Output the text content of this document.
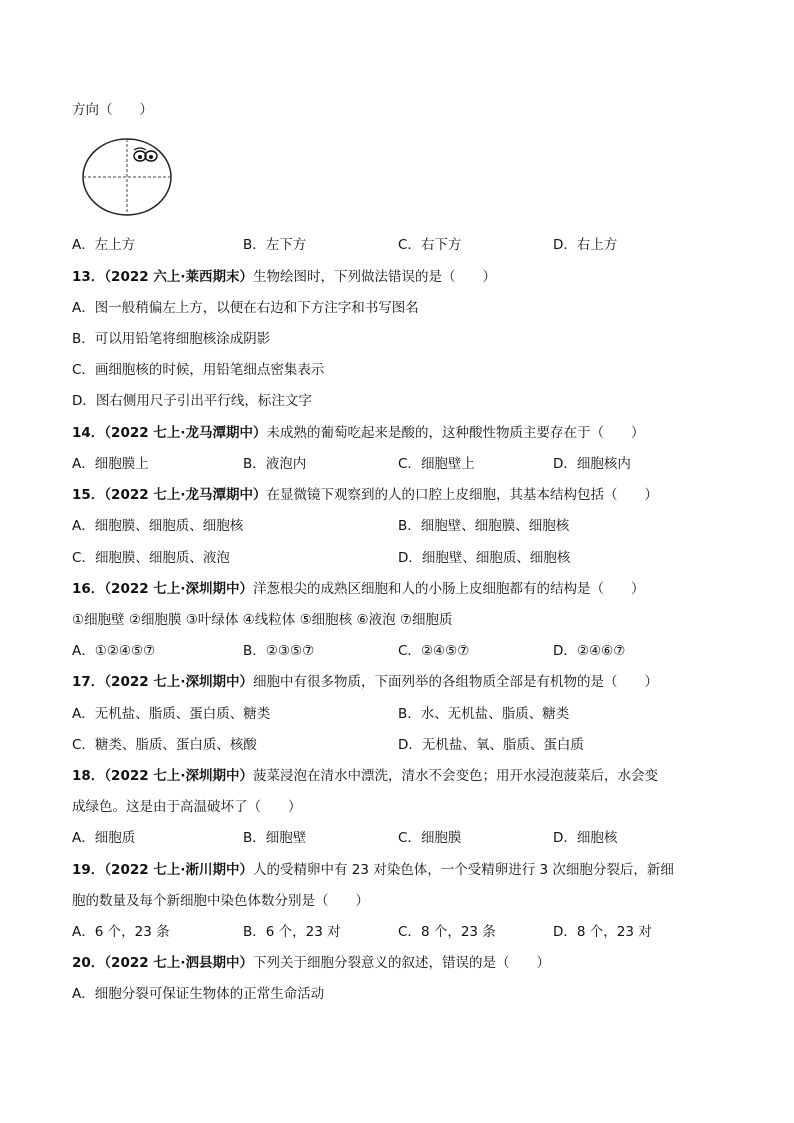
方向（　　）
A．左上方	B．左下方	C．右下方	D．右上方
13．（2022 六上·莱西期末）生物绘图时，下列做法错误的是（　　）
A．图一般稍偏左上方，以便在右边和下方注字和书写图名
B．可以用铅笔将细胞核涂成阴影
C．画细胞核的时候，用铅笔细点密集表示
D．图右侧用尺子引出平行线，标注文字
14．（2022 七上·龙马潭期中）未成熟的葡萄吃起来是酸的，这种酸性物质主要存在于（　　）
A．细胞膜上	B．液泡内	C．细胞壁上	D．细胞核内
15．（2022 七上·龙马潭期中）在显微镜下观察到的人的口腔上皮细胞，其基本结构包括（　　）
A．细胞膜、细胞质、细胞核	B．细胞壁、细胞膜、细胞核
C．细胞膜、细胞质、液泡	D．细胞壁、细胞质、细胞核
16．（2022 七上·深圳期中）洋葱根尖的成熟区细胞和人的小肠上皮细胞都有的结构是（　　）
①细胞壁 ②细胞膜 ③叶绿体 ④线粒体 ⑤细胞核 ⑥液泡 ⑦细胞质
A．①②④⑤⑦	B．②③⑤⑦	C．②④⑤⑦	D．②④⑥⑦
17．（2022 七上·深圳期中）细胞中有很多物质，下面列举的各组物质全部是有机物的是（　　）
A．无机盐、脂质、蛋白质、糖类	B．水、无机盐、脂质、糖类
C．糖类、脂质、蛋白质、核酸	D．无机盐、氧、脂质、蛋白质
18．（2022 七上·深圳期中）菠菜浸泡在清水中漂洗，清水不会变色；用开水浸泡菠菜后，水会变
成绿色。这是由于高温破坏了（　　）
A．细胞质	B．细胞壁	C．细胞膜	D．细胞核
19．（2022 七上·淅川期中）人的受精卵中有 23 对染色体，一个受精卵进行 3 次细胞分裂后，新细
胞的数量及每个新细胞中染色体数分别是（　　）
A．6 个，23 条	B．6 个，23 对	C．8 个，23 条	D．8 个，23 对
20．（2022 七上·泗县期中）下列关于细胞分裂意义的叙述，错误的是（　　）
A．细胞分裂可保证生物体的正常生命活动
